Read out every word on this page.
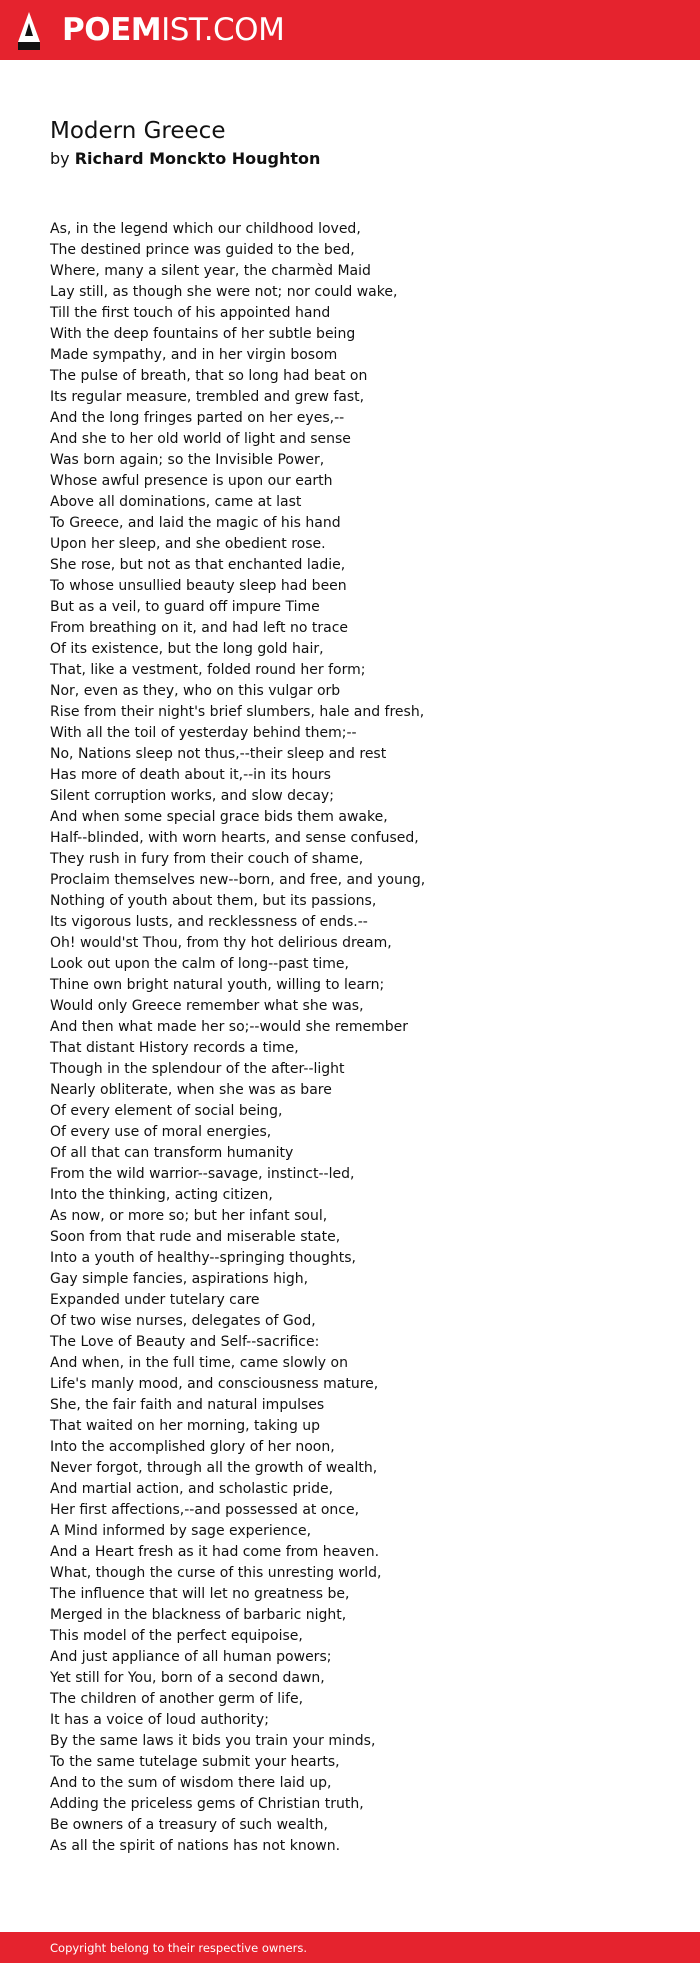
POEMIST.COM
Modern Greece
by Richard Monckto Houghton
As, in the legend which our childhood loved,
The destined prince was guided to the bed,
Where, many a silent year, the charmèd Maid
Lay still, as though she were not; nor could wake,
Till the first touch of his appointed hand
With the deep fountains of her subtle being
Made sympathy, and in her virgin bosom
The pulse of breath, that so long had beat on
Its regular measure, trembled and grew fast,
And the long fringes parted on her eyes,--
And she to her old world of light and sense
Was born again; so the Invisible Power,
Whose awful presence is upon our earth
Above all dominations, came at last
To Greece, and laid the magic of his hand
Upon her sleep, and she obedient rose.
She rose, but not as that enchanted ladie,
To whose unsullied beauty sleep had been
But as a veil, to guard off impure Time
From breathing on it, and had left no trace
Of its existence, but the long gold hair,
That, like a vestment, folded round her form;
Nor, even as they, who on this vulgar orb
Rise from their night's brief slumbers, hale and fresh,
With all the toil of yesterday behind them;--
No, Nations sleep not thus,--their sleep and rest
Has more of death about it,--in its hours
Silent corruption works, and slow decay;
And when some special grace bids them awake,
Half--blinded, with worn hearts, and sense confused,
They rush in fury from their couch of shame,
Proclaim themselves new--born, and free, and young,
Nothing of youth about them, but its passions,
Its vigorous lusts, and recklessness of ends.--
Oh! would'st Thou, from thy hot delirious dream,
Look out upon the calm of long--past time,
Thine own bright natural youth, willing to learn;
Would only Greece remember what she was,
And then what made her so;--would she remember
That distant History records a time,
Though in the splendour of the after--light
Nearly obliterate, when she was as bare
Of every element of social being,
Of every use of moral energies,
Of all that can transform humanity
From the wild warrior--savage, instinct--led,
Into the thinking, acting citizen,
As now, or more so; but her infant soul,
Soon from that rude and miserable state,
Into a youth of healthy--springing thoughts,
Gay simple fancies, aspirations high,
Expanded under tutelary care
Of two wise nurses, delegates of God,
The Love of Beauty and Self--sacrifice:
And when, in the full time, came slowly on
Life's manly mood, and consciousness mature,
She, the fair faith and natural impulses
That waited on her morning, taking up
Into the accomplished glory of her noon,
Never forgot, through all the growth of wealth,
And martial action, and scholastic pride,
Her first affections,--and possessed at once,
A Mind informed by sage experience,
And a Heart fresh as it had come from heaven.
What, though the curse of this unresting world,
The influence that will let no greatness be,
Merged in the blackness of barbaric night,
This model of the perfect equipoise,
And just appliance of all human powers;
Yet still for You, born of a second dawn,
The children of another germ of life,
It has a voice of loud authority;
By the same laws it bids you train your minds,
To the same tutelage submit your hearts,
And to the sum of wisdom there laid up,
Adding the priceless gems of Christian truth,
Be owners of a treasury of such wealth,
As all the spirit of nations has not known.
Copyright belong to their respective owners.
